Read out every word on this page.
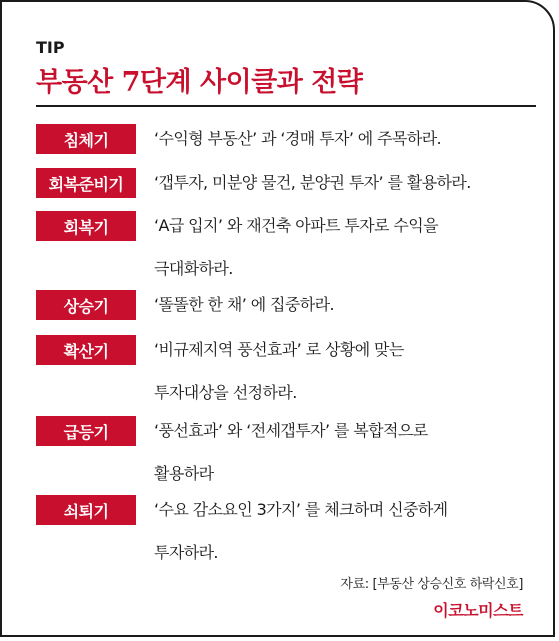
TIP
부동산 7단계 사이클과 전략
침체기	‘수익형 부동산’ 과 ‘경매 투자’ 에 주목하라.
회복준비기	‘갭투자, 미분양 물건, 분양권 투자’ 를 활용하라.
회복기	‘A급 입지’ 와 재건축 아파트 투자로 수익을
극대화하라.
상승기	‘똘똘한 한 채’ 에 집중하라.
확산기	‘비규제지역 풍선효과’ 로 상황에 맞는
투자대상을 선정하라.
급등기	‘풍선효과’ 와 ‘전세갭투자’ 를 복합적으로
활용하라
쇠퇴기	‘수요 감소요인 3가지’ 를 체크하며 신중하게
투자하라.
자료: [부동산 상승신호 하락신호]
이코노미스트
